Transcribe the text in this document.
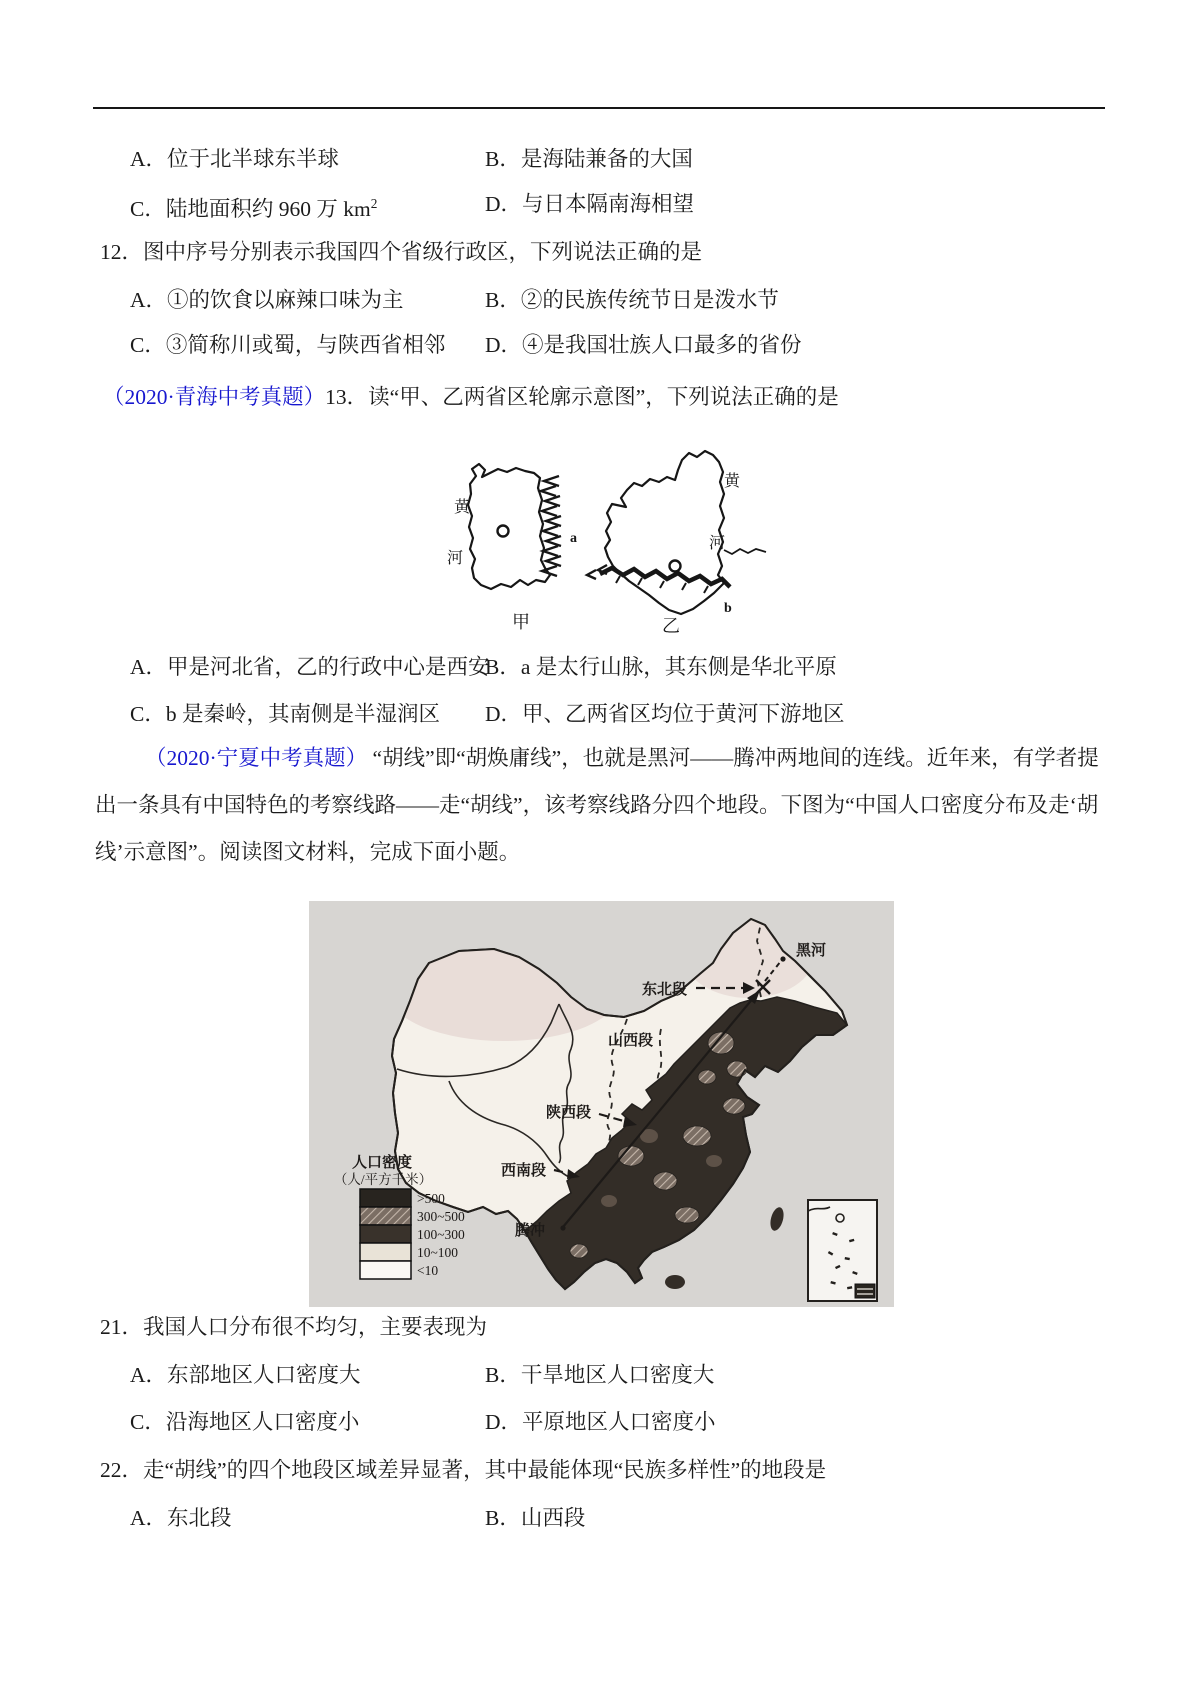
A．位于北半球东半球	B．是海陆兼备的大国
C．陆地面积约 960 万 $km^2$	D．与日本隔南海相望
12．图中序号分别表示我国四个省级行政区，下列说法正确的是
A．①的饮食以麻辣口味为主	B．②的民族传统节日是泼水节
C．③简称川或蜀，与陕西省相邻 D．④是我国壮族人口最多的省份
（2020·青海中考真题）13．读“甲、乙两省区轮廓示意图”，下列说法正确的是
黄
河
a
甲
黄
河
b
乙
A．甲是河北省，乙的行政中心是西安
B．a 是太行山脉，其东侧是华北平原
C．b 是秦岭，其南侧是半湿润区 D．甲、乙两省区均位于黄河下游地区
（2020·宁夏中考真题） “胡线”即“胡焕庸线”，也就是黑河——腾冲两地间的连线。近年来，有学者提
出一条具有中国特色的考察线路——走“胡线”，该考察线路分四个地段。下图为“中国人口密度分布及走‘胡
线’示意图”。阅读图文材料，完成下面小题。
黑河
东北段
山西段
陕西段
西南段
腾冲
人口密度
（人/平方千米）
>500
300~500
100~300
10~100
<10
21．我国人口分布很不均匀，主要表现为
A．东部地区人口密度大	B．干旱地区人口密度大
C．沿海地区人口密度小	D．平原地区人口密度小
22．走“胡线”的四个地段区域差异显著，其中最能体现“民族多样性”的地段是
A．东北段	B．山西段
